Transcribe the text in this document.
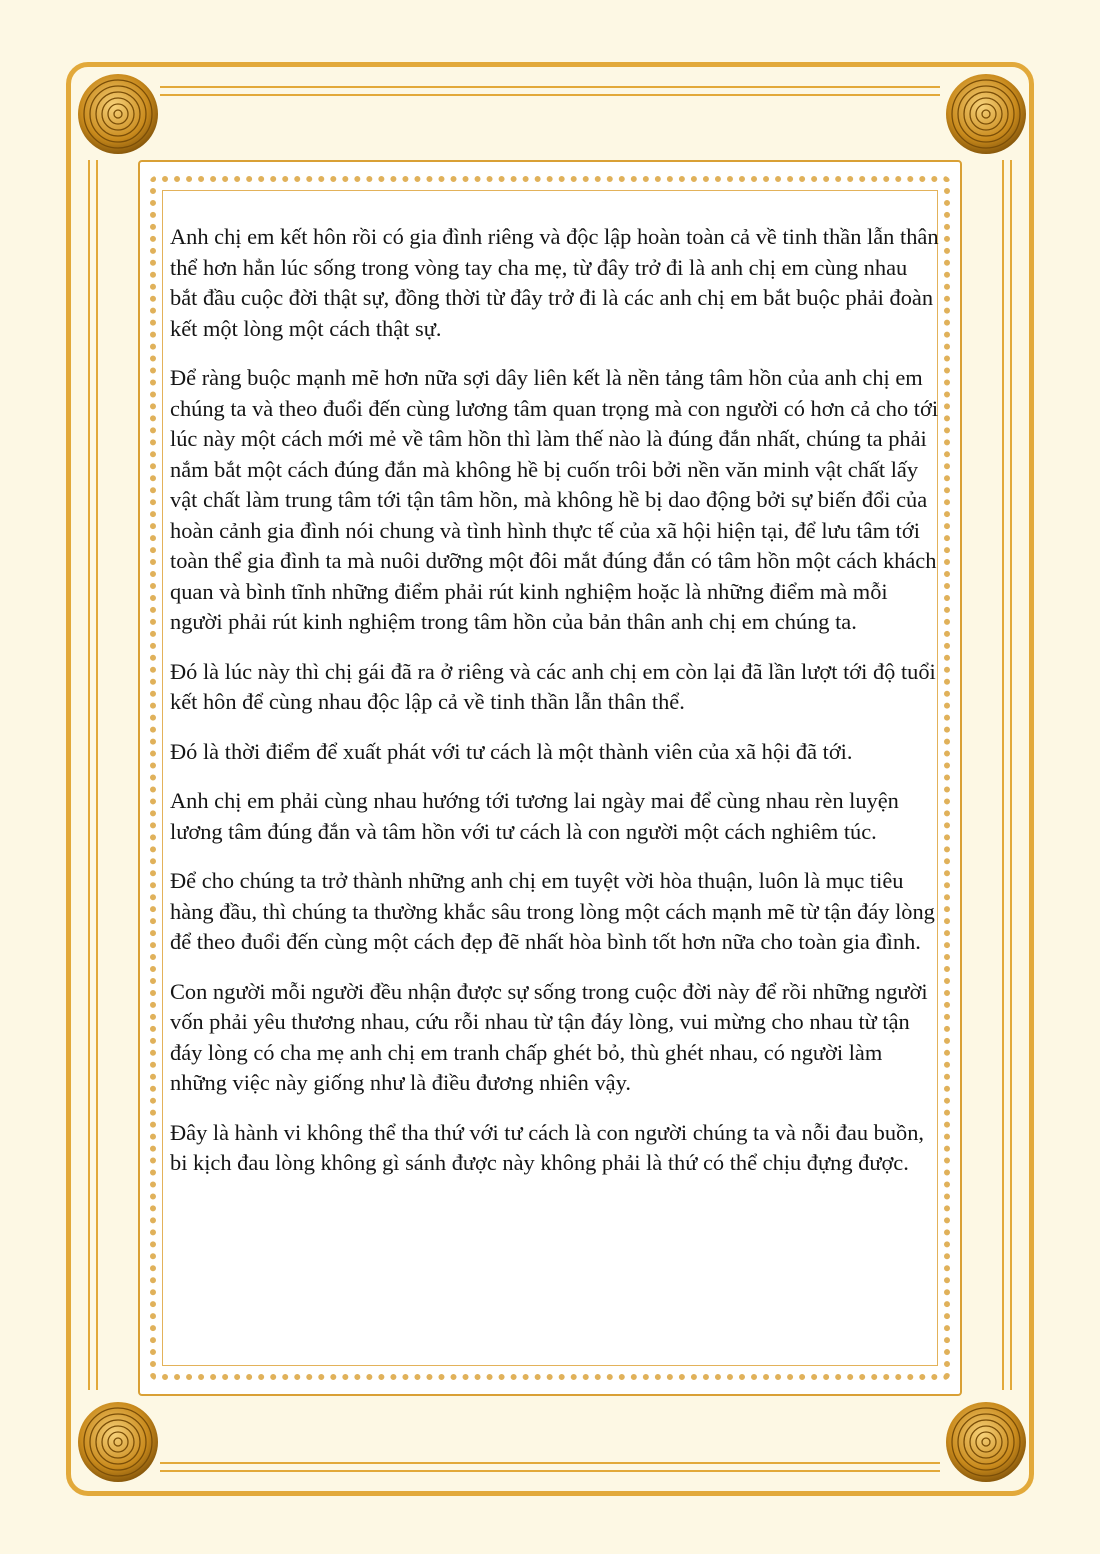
Anh chị em kết hôn rồi có gia đình riêng và độc lập hoàn toàn cả về tinh thần lẫn thân thể hơn hẳn lúc sống trong vòng tay cha mẹ, từ đây trở đi là anh chị em cùng nhau bắt đầu cuộc đời thật sự, đồng thời từ đây trở đi là các anh chị em bắt buộc phải đoàn kết một lòng một cách thật sự.

Để ràng buộc mạnh mẽ hơn nữa sợi dây liên kết là nền tảng tâm hồn của anh chị em chúng ta và theo đuổi đến cùng lương tâm quan trọng mà con người có hơn cả cho tới lúc này một cách mới mẻ về tâm hồn thì làm thế nào là đúng đắn nhất, chúng ta phải nắm bắt một cách đúng đắn mà không hề bị cuốn trôi bởi nền văn minh vật chất lấy vật chất làm trung tâm tới tận tâm hồn, mà không hề bị dao động bởi sự biến đổi của hoàn cảnh gia đình nói chung và tình hình thực tế của xã hội hiện tại, để lưu tâm tới toàn thể gia đình ta mà nuôi dưỡng một đôi mắt đúng đắn có tâm hồn một cách khách quan và bình tĩnh những điểm phải rút kinh nghiệm hoặc là những điểm mà mỗi người phải rút kinh nghiệm trong tâm hồn của bản thân anh chị em chúng ta.

Đó là lúc này thì chị gái đã ra ở riêng và các anh chị em còn lại đã lần lượt tới độ tuổi kết hôn để cùng nhau độc lập cả về tinh thần lẫn thân thể.

Đó là thời điểm để xuất phát với tư cách là một thành viên của xã hội đã tới.

Anh chị em phải cùng nhau hướng tới tương lai ngày mai để cùng nhau rèn luyện lương tâm đúng đắn và tâm hồn với tư cách là con người một cách nghiêm túc.

Để cho chúng ta trở thành những anh chị em tuyệt vời hòa thuận, luôn là mục tiêu hàng đầu, thì chúng ta thường khắc sâu trong lòng một cách mạnh mẽ từ tận đáy lòng để theo đuổi đến cùng một cách đẹp đẽ nhất hòa bình tốt hơn nữa cho toàn gia đình.

Con người mỗi người đều nhận được sự sống trong cuộc đời này để rồi những người vốn phải yêu thương nhau, cứu rỗi nhau từ tận đáy lòng, vui mừng cho nhau từ tận đáy lòng có cha mẹ anh chị em tranh chấp ghét bỏ, thù ghét nhau, có người làm những việc này giống như là điều đương nhiên vậy.

Đây là hành vi không thể tha thứ với tư cách là con người chúng ta và nỗi đau buồn, bi kịch đau lòng không gì sánh được này không phải là thứ có thể chịu đựng được.
